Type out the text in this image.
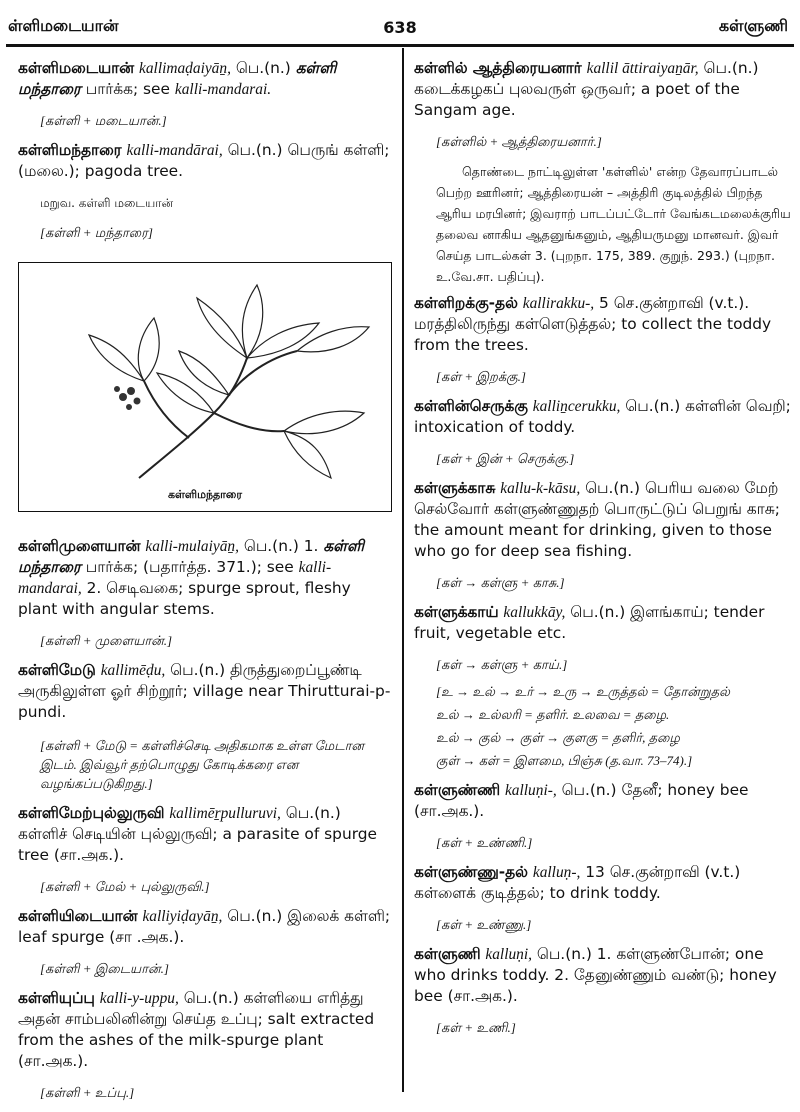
ள்ளிமடையான்	638	கள்ளுணி

கள்ளிமடையான் kallimaḍaiyāṉ, பெ.(n.) கள்ளி மந்தாரை பார்க்க; see kalli-mandarai.

[கள்ளி + மடையான்.]

கள்ளிமந்தாரை kalli-mandārai, பெ.(n.) பெருங் கள்ளி; (மலை.); pagoda tree.

மறுவ. கள்ளி மடையான்

[கள்ளி + மந்தாரை]

கள்ளிமந்தாரை

கள்ளிமுளையான் kalli-mulaiyāṉ, பெ.(n.) 1. கள்ளி மந்தாரை பார்க்க; (பதார்த்த. 371.); see kalli-mandarai, 2. செடிவகை; spurge sprout, fleshy plant with angular stems.

[கள்ளி + முளையான்.]

கள்ளிமேடு kallimēḍu, பெ.(n.) திருத்துறைப்பூண்டி அருகிலுள்ள ஓர் சிற்றூர்; village near Thirutturai-p-pundi.

[கள்ளி + மேடு = கள்ளிச்செடி அதிகமாக உள்ள மேடான இடம். இவ்வூர் தற்பொழுது கோடிக்கரை என வழங்கப்படுகிறது.]

கள்ளிமேற்புல்லுருவி kallimēṟpulluruvi, பெ.(n.) கள்ளிச் செடியின் புல்லுருவி; a parasite of spurge tree (சா.அக.).

[கள்ளி + மேல் + புல்லுருவி.]

கள்ளியிடையான் kalliyiḍayāṉ, பெ.(n.) இலைக் கள்ளி; leaf spurge (சா .அக.).

[கள்ளி + இடையான்.]

கள்ளியுப்பு kalli-y-uppu, பெ.(n.) கள்ளியை எரித்து அதன் சாம்பலினின்று செய்த உப்பு; salt extracted from the ashes of the milk-spurge plant (சா.அக.).

[கள்ளி + உப்பு.]

கள்ளில் ஆத்திரையனார் kallil āttiraiyaṉār, பெ.(n.) கடைக்கழகப் புலவருள் ஒருவர்; a poet of the Sangam age.

[கள்ளில் + ஆத்திரையனார்.]

தொண்டை நாட்டிலுள்ள 'கள்ளில்' என்ற தேவாரப்பாடல் பெற்ற ஊரினர்; ஆத்திரையன் – அத்திரி குடிலத்தில் பிறந்த ஆரிய மரபினர்; இவராற் பாடப்பட்டோர் வேங்கடமலைக்குரிய தலைவ னாகிய ஆதனுங்கனும், ஆதியருமனு மானவர். இவர் செய்த பாடல்கள் 3. (புறநா. 175, 389. குறுந். 293.) (புறநா. உ.வே.சா. பதிப்பு).

கள்ளிறக்கு-தல் kallirakku-, 5 செ.குன்றாவி (v.t.). மரத்திலிருந்து கள்ளெடுத்தல்; to collect the toddy from the trees.

[கள் + இறக்கு.]

கள்ளின்செருக்கு kalliṉcerukku, பெ.(n.) கள்ளின் வெறி; intoxication of toddy.

[கள் + இன் + செருக்கு.]

கள்ளுக்காசு kallu-k-kāsu, பெ.(n.) பெரிய வலை மேற் செல்வோர் கள்ளுண்ணுதற் பொருட்டுப் பெறுங் காசு; the amount meant for drinking, given to those who go for deep sea fishing.

[கள் → கள்ளு + காசு.]

கள்ளுக்காய் kallukkāy, பெ.(n.) இளங்காய்; tender fruit, vegetable etc.

[கள் → கள்ளு + காய்.]

[உ → உல் → உர் → உரு → உருத்தல் = தோன்றுதல்

உல் → உல்லரி = தளிர். உலவை = தழை.

உல் → குல் → குள் → குளகு = தளிர், தழை

குள் → கள் = இளமை, பிஞ்சு (த.வா. 73–74).]

கள்ளுண்ணி kalluṇi-, பெ.(n.) தேனீ; honey bee (சா.அக.).

[கள் + உண்ணி.]

கள்ளுண்ணு-தல் kalluṇ-, 13 செ.குன்றாவி (v.t.) கள்ளைக் குடித்தல்; to drink toddy.

[கள் + உண்ணு.]

கள்ளுணி kalluṇi, பெ.(n.) 1. கள்ளுண்போன்; one who drinks toddy. 2. தேனுண்ணும் வண்டு; honey bee (சா.அக.).

[கள் + உணி.]
